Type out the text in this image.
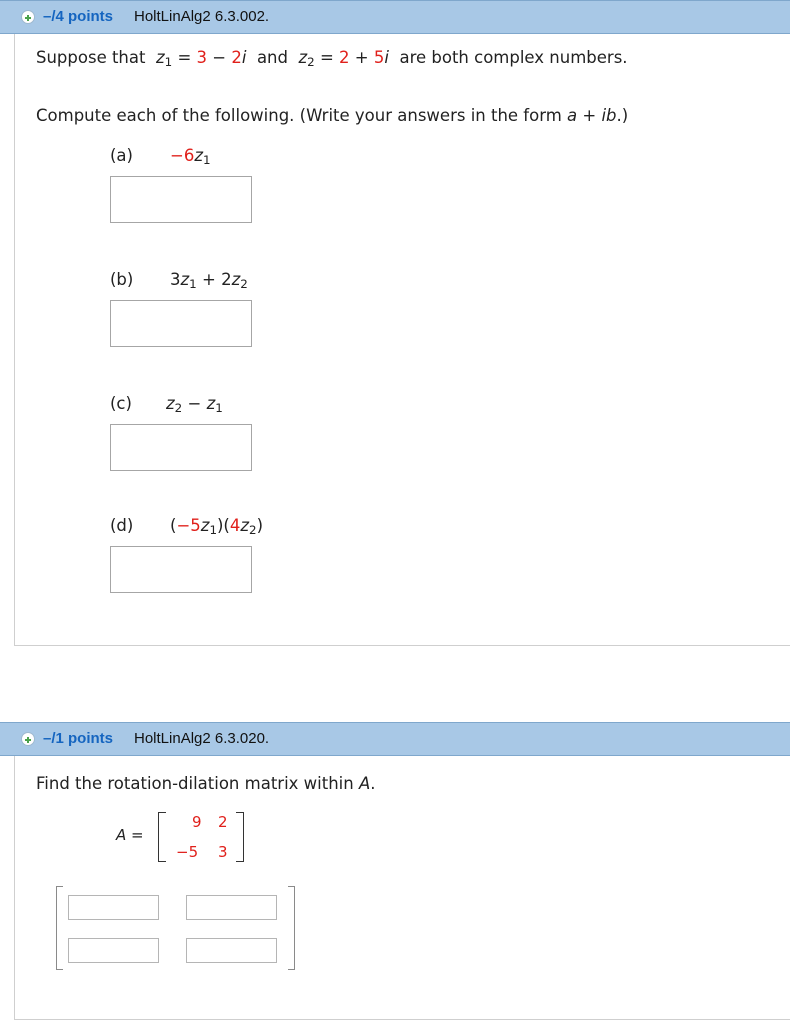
–/4 points HoltLinAlg2 6.3.002.
Suppose that  $z_1 = 3 - 2i$  and  $z_2 = 2 + 5i$  are both complex numbers.
Compute each of the following. (Write your answers in the form a + ib.)
$(a) -6z_1$
(b) $3z_1 + 2z_2$
(c) $z_2 - z_1$
(d) $(-5z_1)(4z_2)$
–/1 points HoltLinAlg2 6.3.020.
Find the rotation-dilation matrix within A.
A =
9 2
−5 3
